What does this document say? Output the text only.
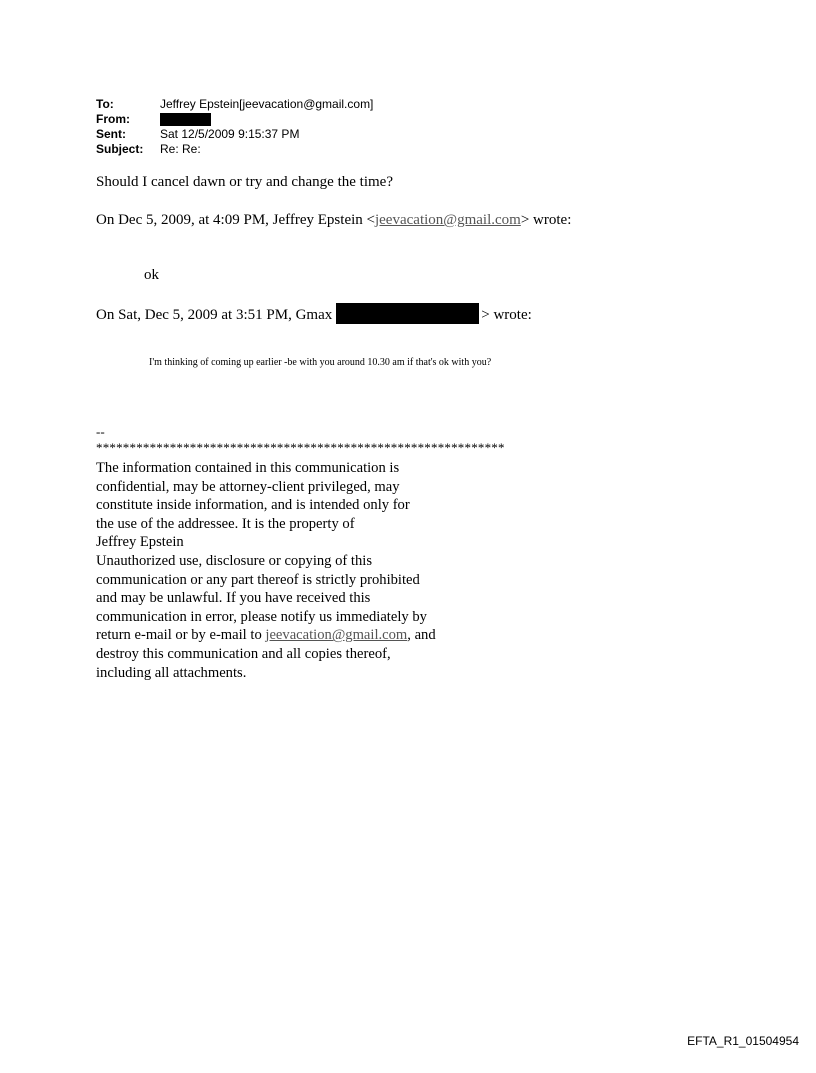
To:	Jeffrey Epstein[jeevacation@gmail.com]
From:
Sent:	Sat 12/5/2009 9:15:37 PM
Subject:	Re: Re:
Should I cancel dawn or try and change the time?
On Dec 5, 2009, at 4:09 PM, Jeffrey Epstein <jeevacation@gmail.com> wrote:
ok
On Sat, Dec 5, 2009 at 3:51 PM, Gmax	> wrote:
I'm thinking of coming up earlier -be with you around 10.30 am if that's ok with you?
--
*************************************************************

The information contained in this communication is

confidential, may be attorney-client privileged, may

constitute inside information, and is intended only for

the use of the addressee. It is the property of

Jeffrey Epstein

Unauthorized use, disclosure or copying of this

communication or any part thereof is strictly prohibited

and may be unlawful. If you have received this

communication in error, please notify us immediately by

return e-mail or by e-mail to jeevacation@gmail.com, and

destroy this communication and all copies thereof,

including all attachments.

EFTA_R1_01504954
